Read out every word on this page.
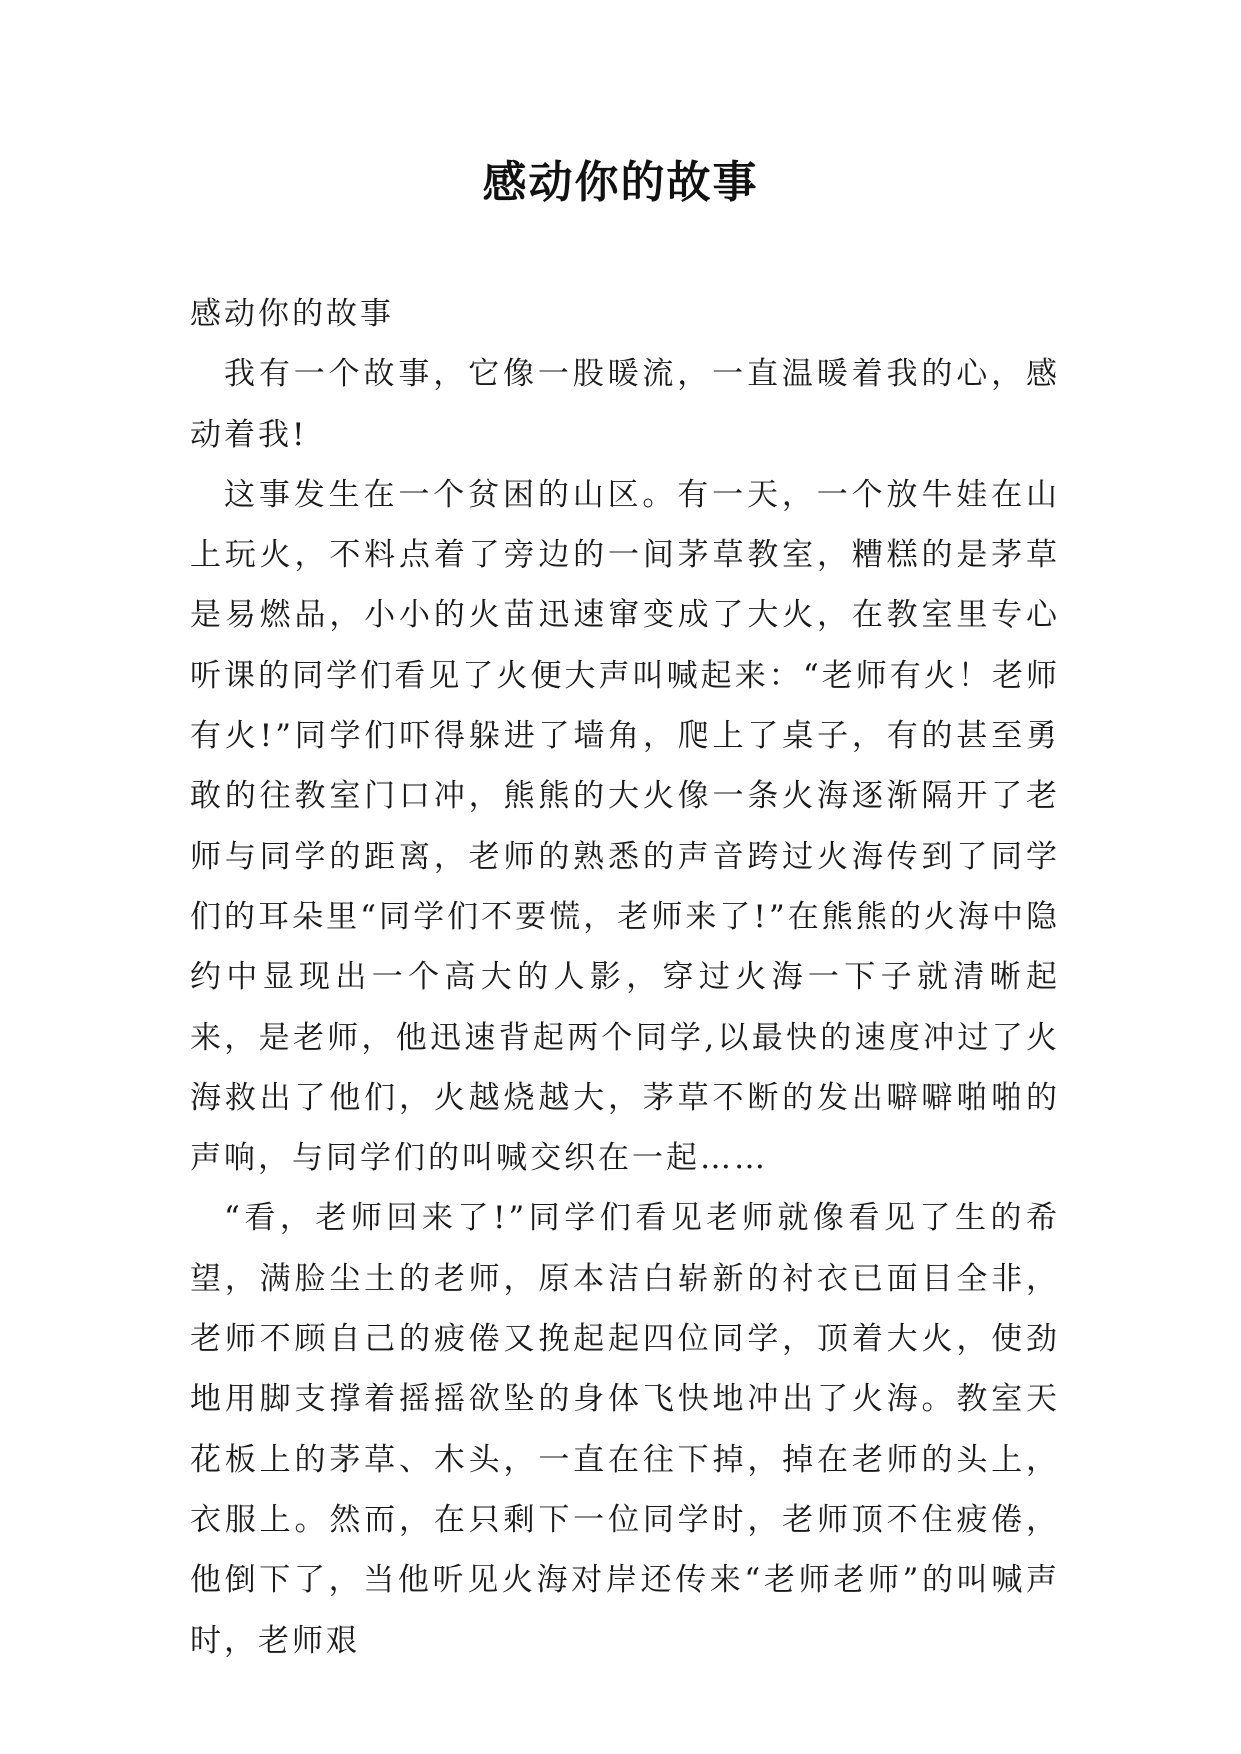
感动你的故事

感动你的故事

我有一个故事，它像一股暖流，一直温暖着我的心，感动着我!

这事发生在一个贫困的山区。有一天，一个放牛娃在山上玩火，不料点着了旁边的一间茅草教室，糟糕的是茅草是易燃品，小小的火苗迅速窜变成了大火，在教室里专心听课的同学们看见了火便大声叫喊起来：“老师有火！老师有火!”同学们吓得躲进了墙角，爬上了桌子，有的甚至勇敢的往教室门口冲，熊熊的大火像一条火海逐渐隔开了老师与同学的距离，老师的熟悉的声音跨过火海传到了同学们的耳朵里“同学们不要慌，老师来了!”在熊熊的火海中隐约中显现出一个高大的人影，穿过火海一下子就清晰起来，是老师，他迅速背起两个同学,以最快的速度冲过了火海救出了他们，火越烧越大，茅草不断的发出噼噼啪啪的声响，与同学们的叫喊交织在一起……

“看，老师回来了!”同学们看见老师就像看见了生的希望，满脸尘土的老师，原本洁白崭新的衬衣已面目全非，老师不顾自己的疲倦又挽起起四位同学，顶着大火，使劲地用脚支撑着摇摇欲坠的身体飞快地冲出了火海。教室天花板上的茅草、木头，一直在往下掉，掉在老师的头上，衣服上。然而，在只剩下一位同学时，老师顶不住疲倦，他倒下了，当他听见火海对岸还传来“老师老师”的叫喊声时，老师艰
